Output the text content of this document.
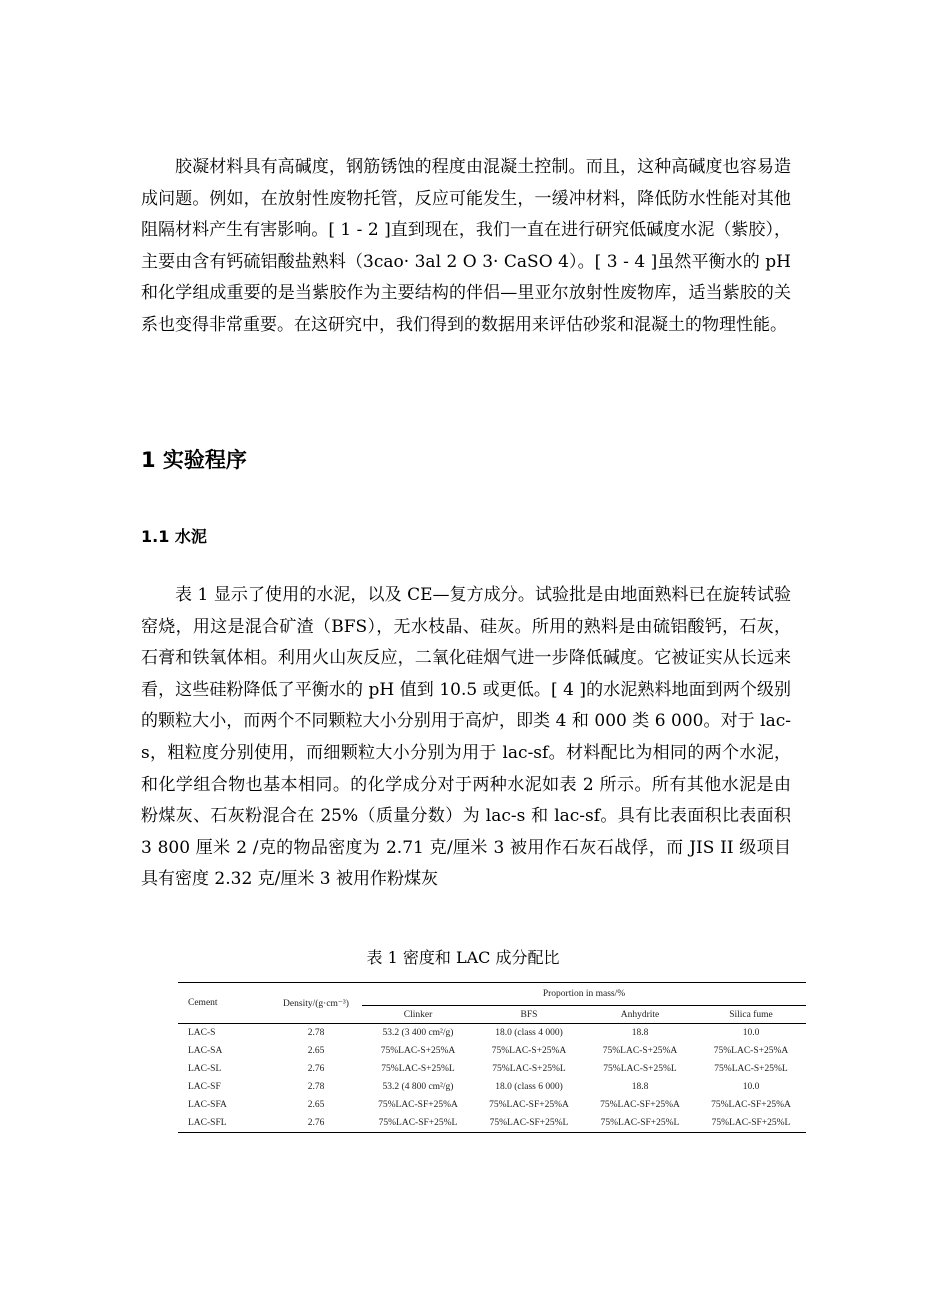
胶凝材料具有高碱度，钢筋锈蚀的程度由混凝土控制。而且，这种高碱度也容易造成问题。例如，在放射性废物托管，反应可能发生，一缓冲材料，降低防水性能对其他阻隔材料产生有害影响。[ 1 - 2 ]直到现在，我们一直在进行研究低碱度水泥（紫胶），主要由含有钙硫铝酸盐熟料（3cao· 3al 2 O 3· CaSO 4）。[ 3 - 4 ]虽然平衡水的 pH 和化学组成重要的是当紫胶作为主要结构的伴侣—里亚尔放射性废物库，适当紫胶的关系也变得非常重要。在这研究中，我们得到的数据用来评估砂浆和混凝土的物理性能。

1 实验程序
1.1 水泥

表 1 显示了使用的水泥，以及 CE—复方成分。试验批是由地面熟料已在旋转试验窑烧，用这是混合矿渣（BFS），无水枝晶、硅灰。所用的熟料是由硫铝酸钙，石灰，石膏和铁氧体相。利用火山灰反应，二氧化硅烟气进一步降低碱度。它被证实从长远来看，这些硅粉降低了平衡水的 pH 值到 10.5 或更低。[ 4 ]的水泥熟料地面到两个级别的颗粒大小，而两个不同颗粒大小分别用于高炉，即类 4 和 000 类 6 000。对于 lac-s，粗粒度分别使用，而细颗粒大小分别为用于 lac-sf。材料配比为相同的两个水泥，和化学组合物也基本相同。的化学成分对于两种水泥如表 2 所示。所有其他水泥是由粉煤灰、石灰粉混合在 25%（质量分数）为 lac-s 和 lac-sf。具有比表面积比表面积 3 800 厘米 2 /克的物品密度为 2.71 克/厘米 3 被用作石灰石战俘，而 JIS II 级项目具有密度 2.32 克/厘米 3 被用作粉煤灰

表 1 密度和 LAC 成分配比

Cement	Density/(g·cm⁻³)	Proportion in mass/%			
		Clinker	BFS	Anhydrite	Silica fume
LAC-S	2.78	53.2 (3 400 cm²/g)	18.0 (class 4 000)	18.8	10.0
LAC-SA	2.65	75%LAC-S+25%A	75%LAC-S+25%A	75%LAC-S+25%A	75%LAC-S+25%A
LAC-SL	2.76	75%LAC-S+25%L	75%LAC-S+25%L	75%LAC-S+25%L	75%LAC-S+25%L
LAC-SF	2.78	53.2 (4 800 cm²/g)	18.0 (class 6 000)	18.8	10.0
LAC-SFA	2.65	75%LAC-SF+25%A	75%LAC-SF+25%A	75%LAC-SF+25%A	75%LAC-SF+25%A
LAC-SFL	2.76	75%LAC-SF+25%L	75%LAC-SF+25%L	75%LAC-SF+25%L	75%LAC-SF+25%L
